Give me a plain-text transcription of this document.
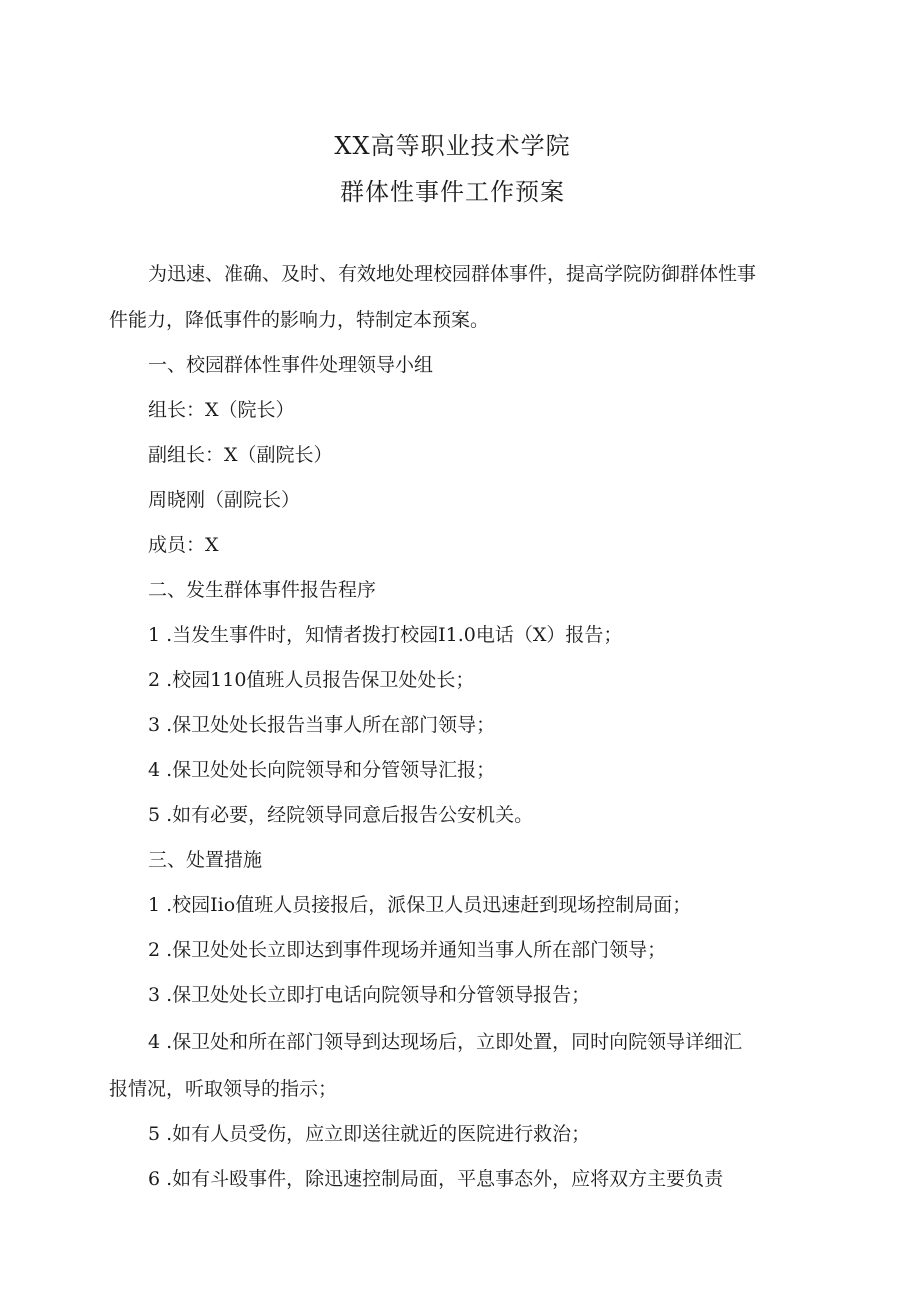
XX高等职业技术学院
群体性事件工作预案
为迅速、准确、及时、有效地处理校园群体事件，提高学院防御群体性事
件能力，降低事件的影响力，特制定本预案。
一、校园群体性事件处理领导小组
组长：X（院长）
副组长：X（副院长）
周晓刚（副院长）
成员：X
二、发生群体事件报告程序
1 .当发生事件时，知情者拨打校园I1.0电话（X）报告；
2 .校园110值班人员报告保卫处处长；
3 .保卫处处长报告当事人所在部门领导；
4 .保卫处处长向院领导和分管领导汇报；
5 .如有必要，经院领导同意后报告公安机关。
三、处置措施
1 .校园Iio值班人员接报后，派保卫人员迅速赶到现场控制局面；
2 .保卫处处长立即达到事件现场并通知当事人所在部门领导；
3 .保卫处处长立即打电话向院领导和分管领导报告；
4 .保卫处和所在部门领导到达现场后，立即处置，同时向院领导详细汇
报情况，听取领导的指示；
5 .如有人员受伤，应立即送往就近的医院进行救治；
6 .如有斗殴事件，除迅速控制局面，平息事态外，应将双方主要负责
